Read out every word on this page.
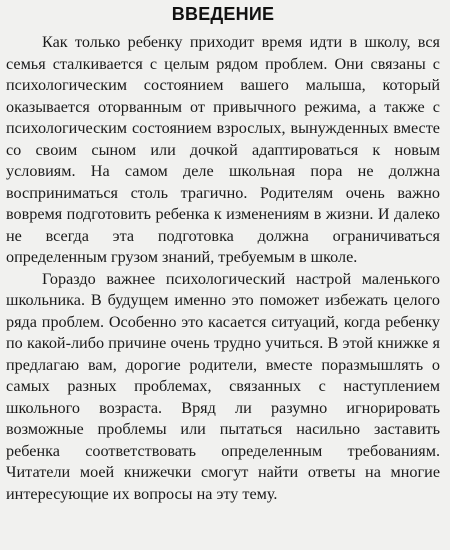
ВВЕДЕНИЕ

Как только ребенку приходит время идти в школу, вся семья сталкивается с целым рядом проблем. Они связаны с психологическим состоянием вашего малыша, который оказывается оторванным от привычного режима, а также с психологическим состоянием взрослых, вынужденных вместе со своим сыном или дочкой адаптироваться к новым условиям. На самом деле школьная пора не должна восприниматься столь трагично. Родителям очень важно вовремя подготовить ребенка к изменениям в жизни. И далеко не всегда эта подготовка должна ограничиваться определенным грузом знаний, требуемым в школе.

Гораздо важнее психологический настрой маленького школьника. В будущем именно это поможет избежать целого ряда проблем. Особенно это касается ситуаций, когда ребенку по какой-либо причине очень трудно учиться. В этой книжке я предлагаю вам, дорогие родители, вместе поразмышлять о самых разных проблемах, связанных с наступлением школьного возраста. Вряд ли разумно игнорировать возможные проблемы или пытаться насильно заставить ребенка соответствовать определенным требованиям. Читатели моей книжечки смогут найти ответы на многие интересующие их вопросы на эту тему.
